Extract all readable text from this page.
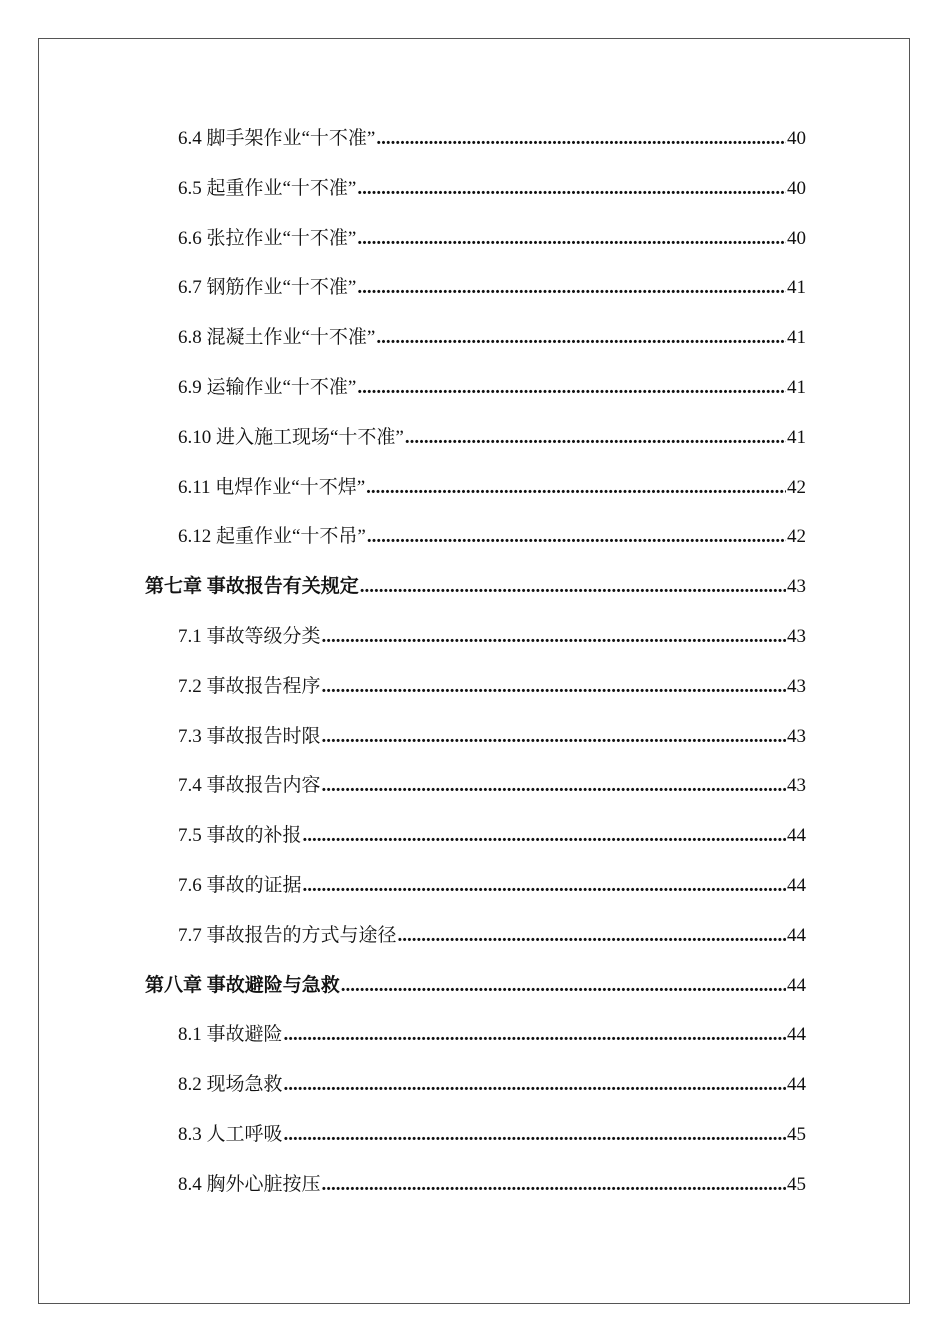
6.4 脚手架作业“十不准” .....	40
6.5 起重作业“十不准” .....	40
6.6 张拉作业“十不准” .....	40
6.7 钢筋作业“十不准” .....	41
6.8 混凝土作业“十不准” .....	41
6.9 运输作业“十不准” .....	41
6.10 进入施工现场“十不准” .....	41
6.11 电焊作业“十不焊” .....	42
6.12 起重作业“十不吊” .....	42
第七章 事故报告有关规定 .....	43
7.1 事故等级分类 .....	43
7.2 事故报告程序 .....	43
7.3 事故报告时限 .....	43
7.4 事故报告内容 .....	43
7.5 事故的补报 .....	44
7.6 事故的证据 .....	44
7.7 事故报告的方式与途径 .....	44
第八章 事故避险与急救 .....	44
8.1 事故避险 .....	44
8.2 现场急救 .....	44
8.3 人工呼吸 .....	45
8.4 胸外心脏按压 .....	45
